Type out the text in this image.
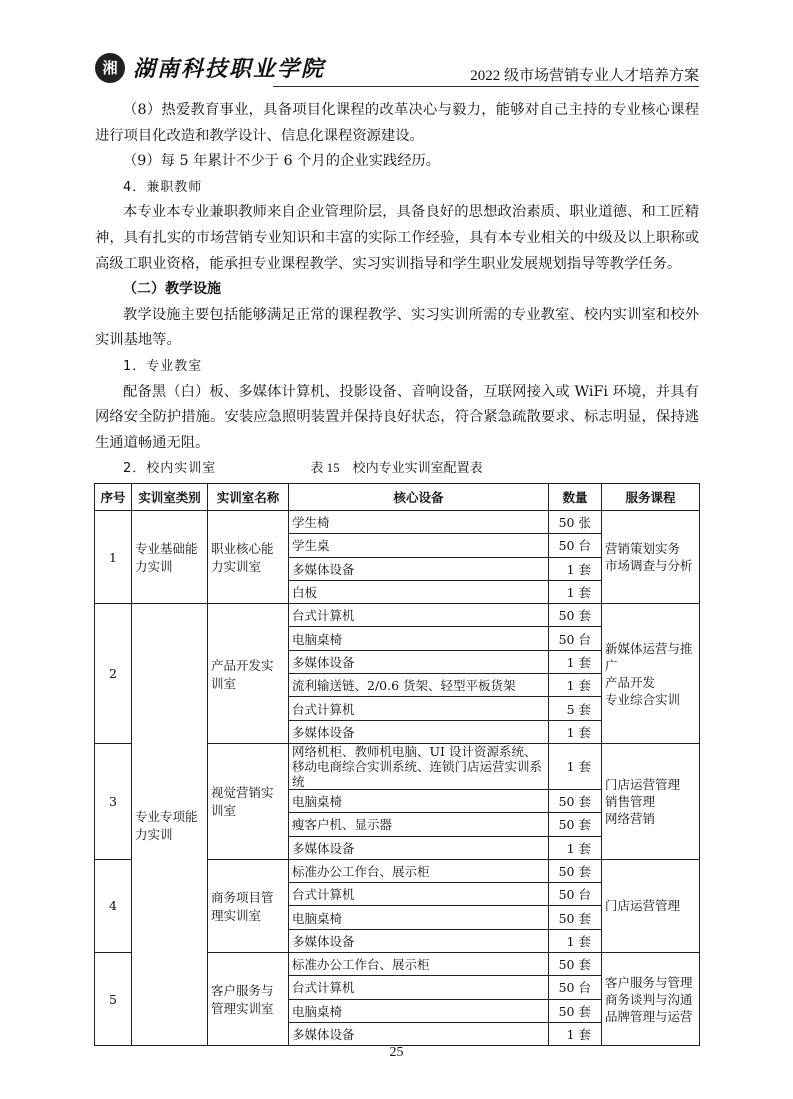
湘 湖南科技职业学院	2022 级市场营销专业人才培养方案

（8）热爱教育事业，具备项目化课程的改革决心与毅力，能够对自己主持的专业核心课程进行项目化改造和教学设计、信息化课程资源建设。

（9）每 5 年累计不少于 6 个月的企业实践经历。

4．兼职教师

本专业本专业兼职教师来自企业管理阶层，具备良好的思想政治素质、职业道德、和工匠精神，具有扎实的市场营销专业知识和丰富的实际工作经验，具有本专业相关的中级及以上职称或高级工职业资格，能承担专业课程教学、实习实训指导和学生职业发展规划指导等教学任务。

（二）教学设施

教学设施主要包括能够满足正常的课程教学、实习实训所需的专业教室、校内实训室和校外实训基地等。

1．专业教室

配备黑（白）板、多媒体计算机、投影设备、音响设备，互联网接入或 WiFi 环境，并具有网络安全防护措施。安装应急照明装置并保持良好状态，符合紧急疏散要求、标志明显，保持逃生通道畅通无阻。

2．校内实训室	表 15　校内专业实训室配置表
序号	实训室类别	实训室名称	核心设备	数量	服务课程
1	专业基础能力实训	职业核心能力实训室	学生椅	50 张	营销策划实务
市场调查与分析

			学生桌	50 台	
			多媒体设备	1 套	
			白板	1 套	
2	专业专项能力实训	产品开发实训室	台式计算机	50 套	新媒体运营与推广
产品开发
专业综合实训

			电脑桌椅	50 台	
			多媒体设备	1 套	
			流利输送链、2/0.6 货架、轻型平板货架	1 套	
			台式计算机	5 套	
			多媒体设备	1 套	
3		视觉营销实训室	网络机柜、教师机电脑、UI 设计资源系统、移动电商综合实训系统、连锁门店运营实训系统	1 套	门店运营管理
销售管理
网络营销

			电脑桌椅	50 套	
			瘦客户机、显示器	50 套	
			多媒体设备	1 套	
4		商务项目管理实训室	标准办公工作台、展示柜	50 套	门店运营管理

			台式计算机	50 台	
			电脑桌椅	50 套	
			多媒体设备	1 套	
5		客户服务与管理实训室	标准办公工作台、展示柜	50 套	客户服务与管理
商务谈判与沟通
品牌管理与运营

			台式计算机	50 台	
			电脑桌椅	50 套	
			多媒体设备	1 套	
25
